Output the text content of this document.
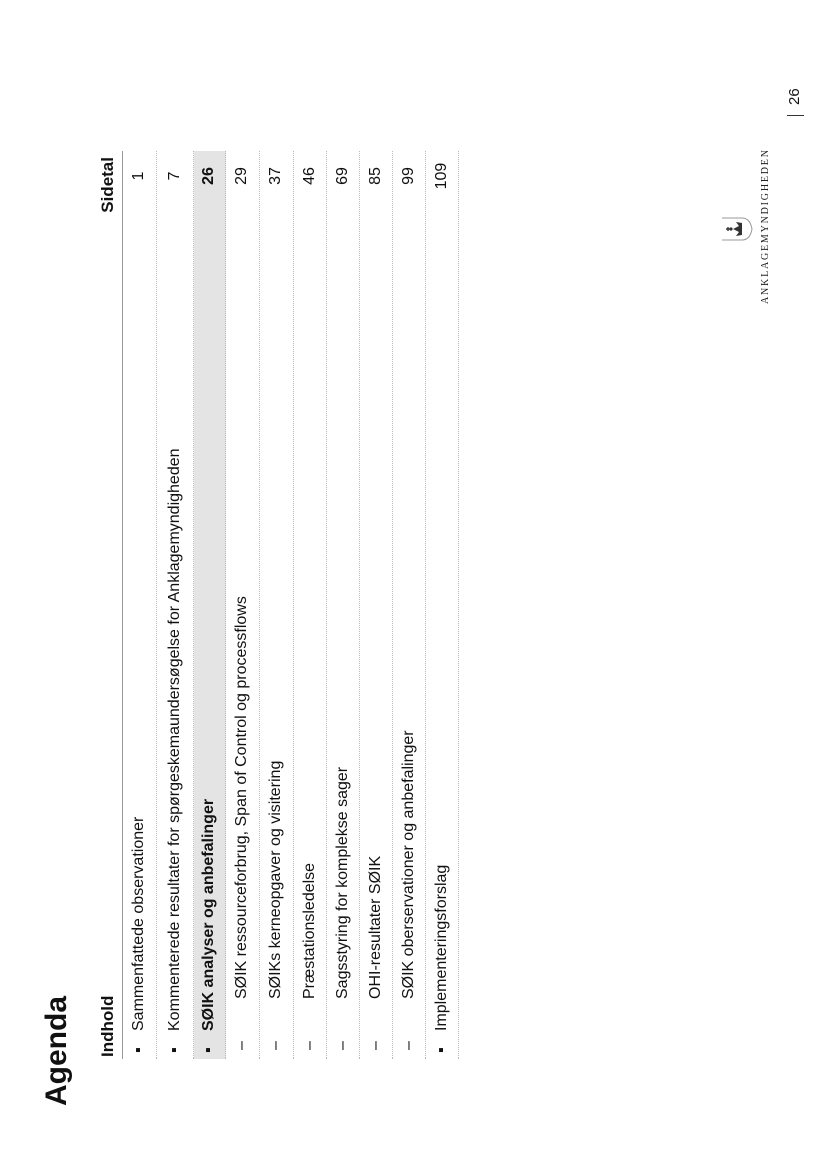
Agenda Indhold
Sidetal
▪
Sammenfattede observationer
1
▪
Kommenterede resultater for spørgeskemaundersøgelse for Anklagemyndigheden
7
▪
SØIK analyser og anbefalinger
26
–
SØIK ressourceforbrug, Span of Control og processflows
29
–
SØIKs kerneopgaver og visitering
37
–
Præstationsledelse
46
–
Sagsstyring for komplekse sager
69
–
OHI-resultater SØIK
85
–
SØIK oberservationer og anbefalinger
99
▪
Implementeringsforslag
109	ANKLAGEMYNDIGHEDEN
26
